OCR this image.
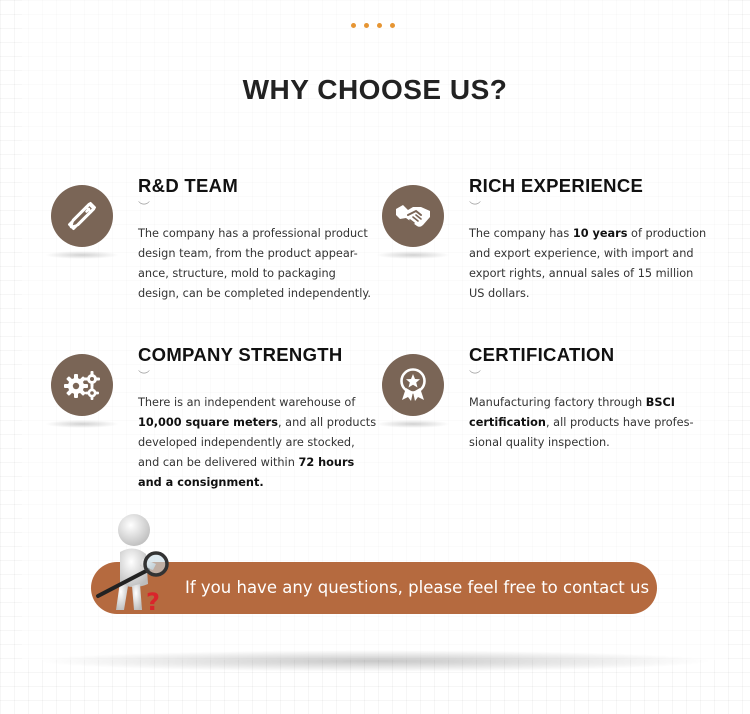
WHY CHOOSE US?
R&D TEAM
︶
The company has a professional product design team, from the product appear-ance, structure, mold to packaging design, can be completed independently.
RICH EXPERIENCE
︶
The company has 10 years of production and export experience, with import and export rights, annual sales of 15 million US dollars.
COMPANY STRENGTH
︶
There is an independent warehouse of 10,000 square meters, and all products developed independently are stocked, and can be delivered within 72 hours and a consignment.
CERTIFICATION
︶
Manufacturing factory through BSCI certification, all products have profes-sional quality inspection.
If you have any questions, please feel free to contact us
?
